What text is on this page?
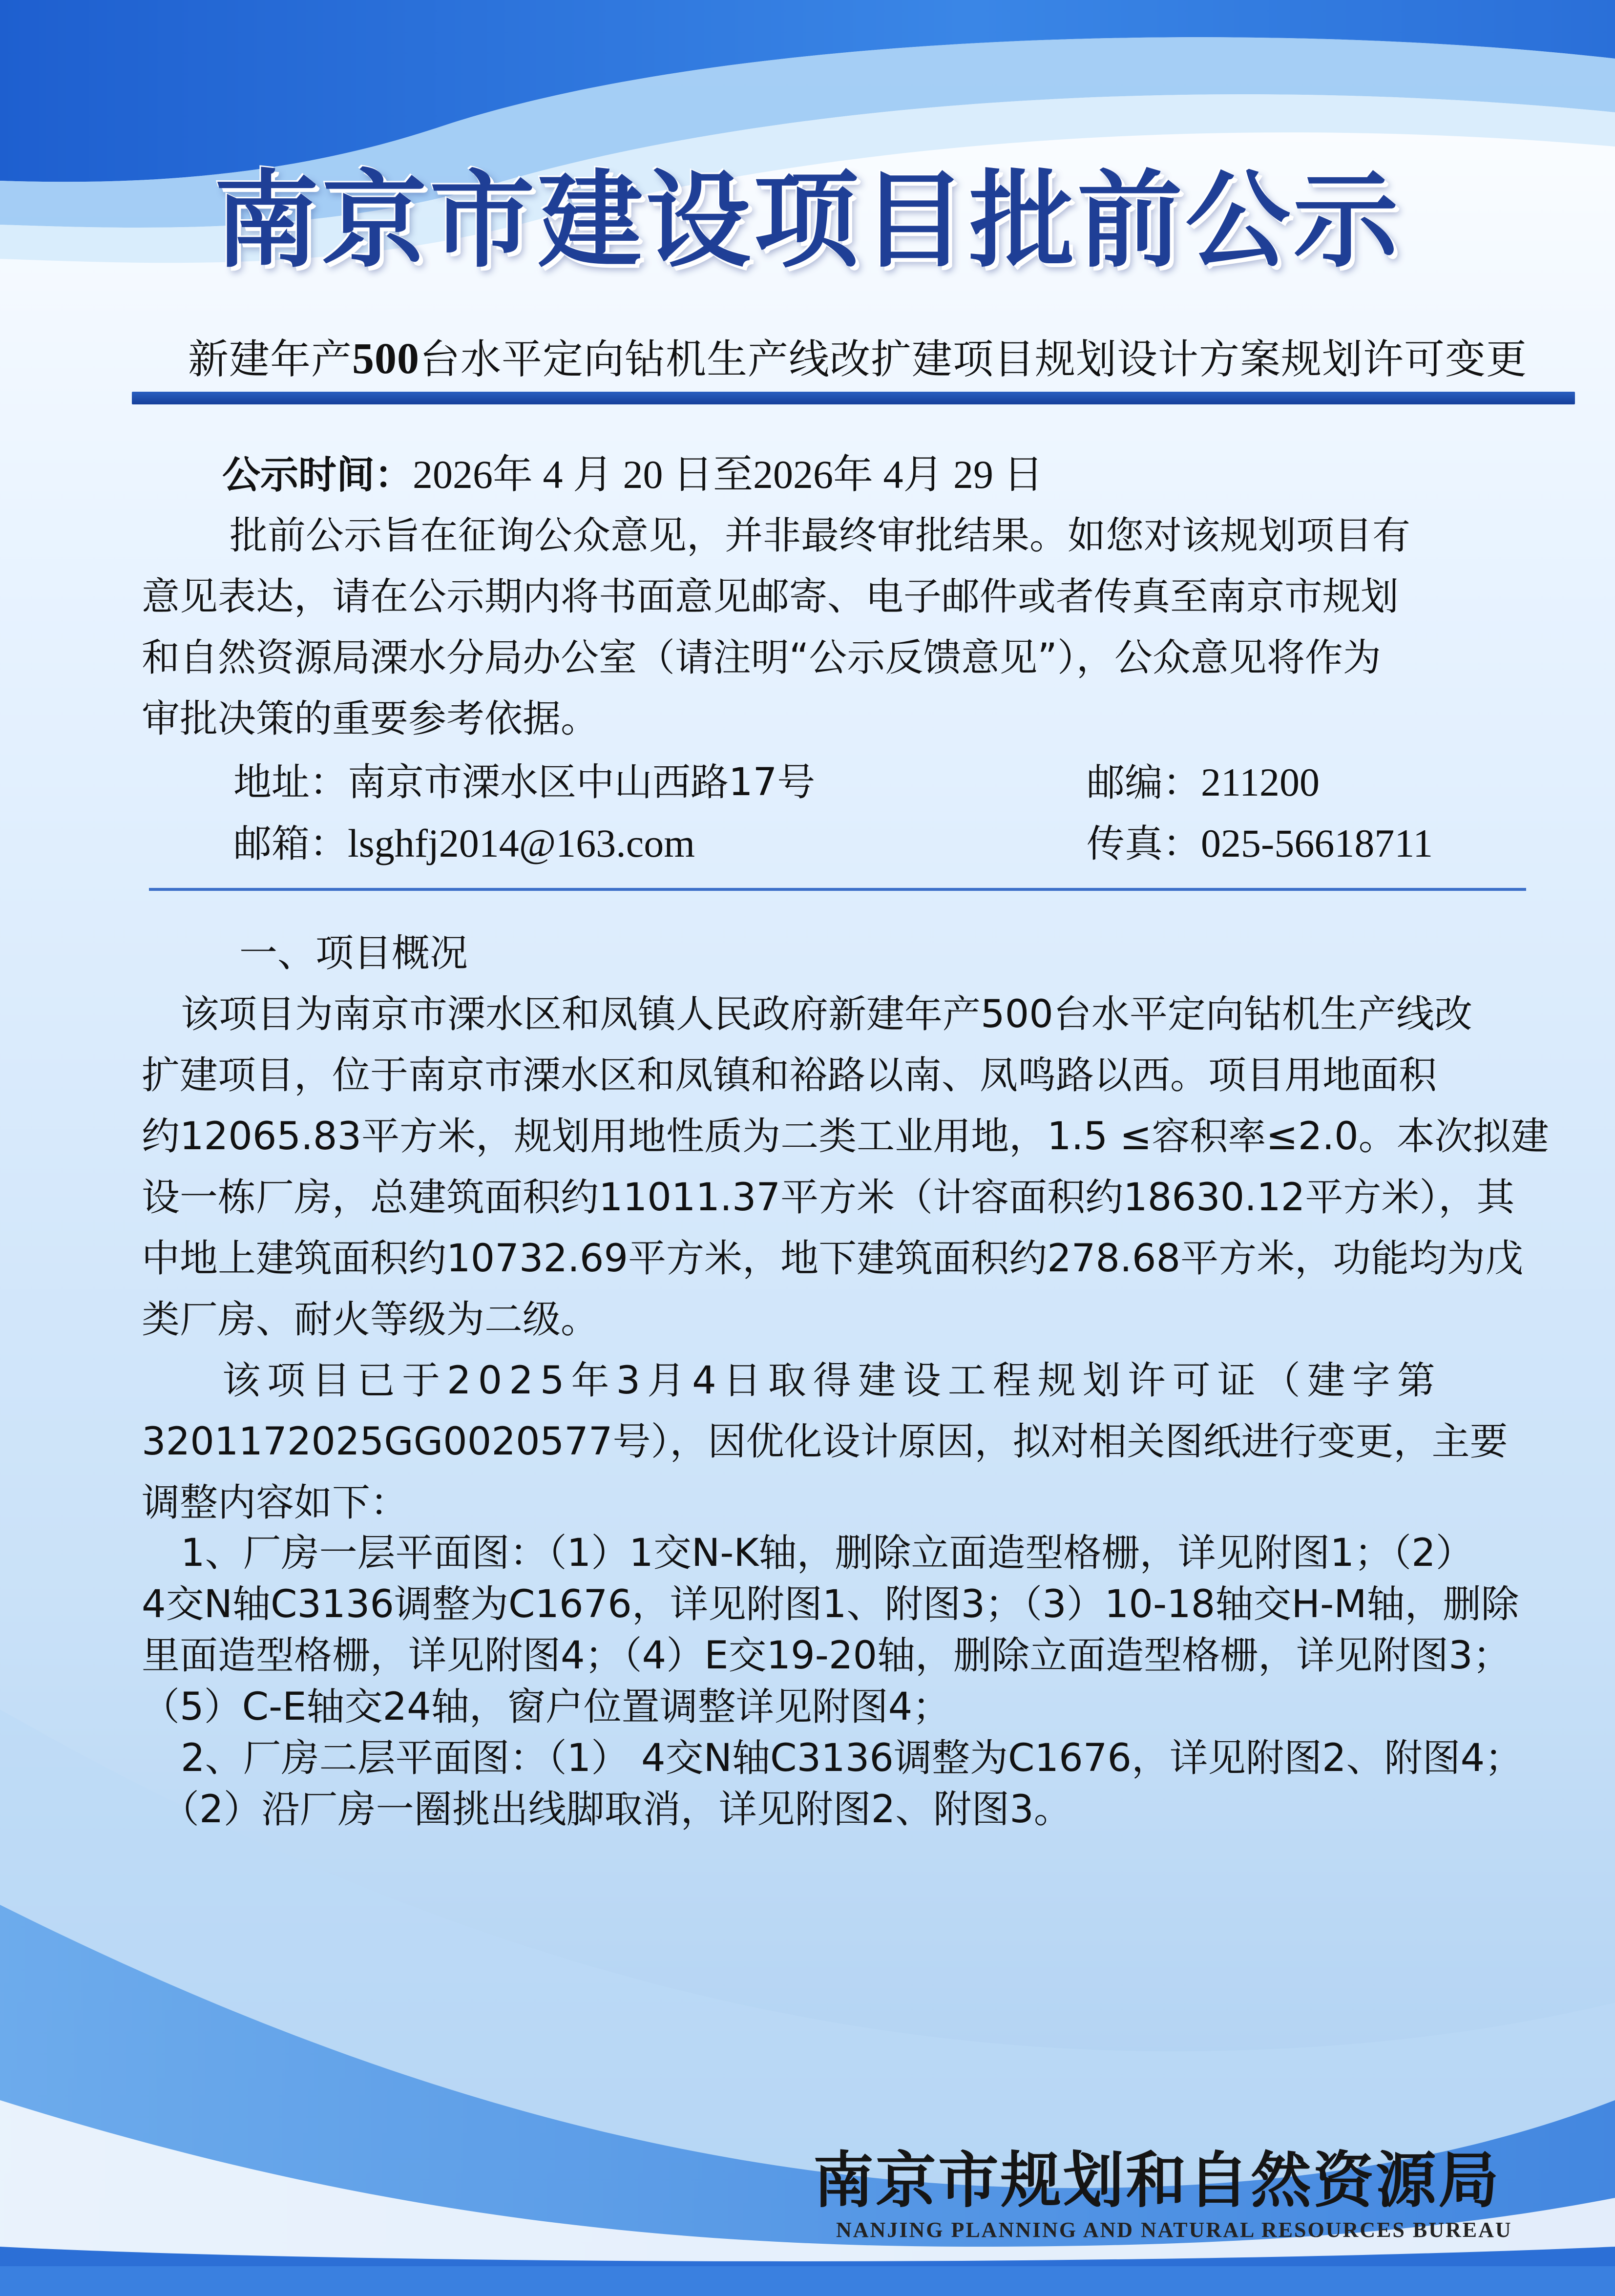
南京市建设项目批前公示
新建年产500台水平定向钻机生产线改扩建项目规划设计方案规划许可变更
公示时间：2026年 4 月 20 日至2026年 4月 29 日
批前公示旨在征询公众意见，并非最终审批结果。如您对该规划项目有
意见表达，请在公示期内将书面意见邮寄、电子邮件或者传真至南京市规划
和自然资源局溧水分局办公室（请注明“公示反馈意见”），公众意见将作为
审批决策的重要参考依据。
地址：南京市溧水区中山西路17号	邮编：211200
邮箱：lsghfj2014@163.com	传真：025-56618711
一、项目概况
该项目为南京市溧水区和凤镇人民政府新建年产500台水平定向钻机生产线改
扩建项目，位于南京市溧水区和凤镇和裕路以南、凤鸣路以西。项目用地面积
约12065.83平方米，规划用地性质为二类工业用地，1.5 ≤容积率≤2.0。本次拟建
设一栋厂房，总建筑面积约11011.37平方米（计容面积约18630.12平方米），其
中地上建筑面积约10732.69平方米，地下建筑面积约278.68平方米，功能均为戊
类厂房、耐火等级为二级。
该项目已于2025年3月4日取得建设工程规划许可证（建字第
3201172025GG0020577号），因优化设计原因，拟对相关图纸进行变更，主要
调整内容如下：
1、厂房一层平面图：（1）1交N-K轴，删除立面造型格栅，详见附图1；（2）
4交N轴C3136调整为C1676，详见附图1、附图3；（3）10-18轴交H-M轴，删除
里面造型格栅，详见附图4；（4）E交19-20轴，删除立面造型格栅，详见附图3；
（5）C-E轴交24轴，窗户位置调整详见附图4；
2、厂房二层平面图：（1） 4交N轴C3136调整为C1676，详见附图2、附图4；
（2）沿厂房一圈挑出线脚取消，详见附图2、附图3。
南京市规划和自然资源局
NANJING PLANNING AND NATURAL RESOURCES BUREAU
